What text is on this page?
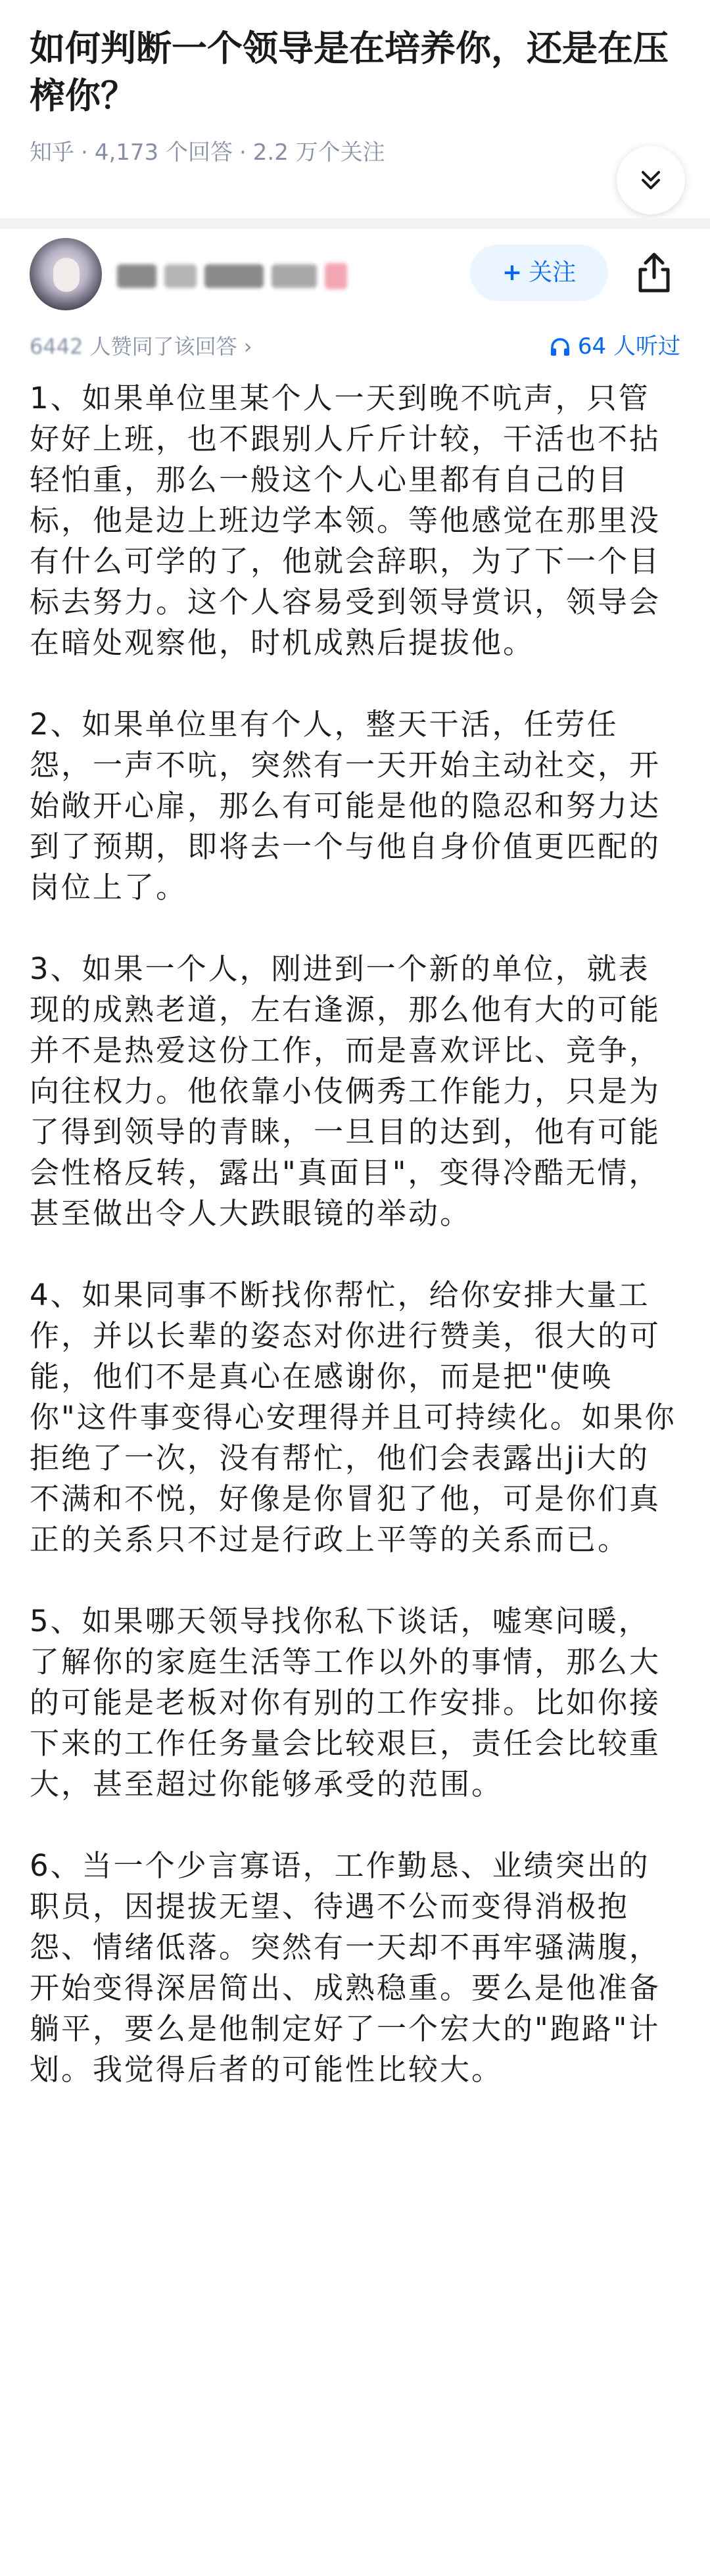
如何判断一个领导是在培养你，还是在压榨你？
知乎 · 4,173 个回答 · 2.2 万个关注
+ 关注
6442 人赞同了该回答 ›	64 人听过

1、如果单位里某个人一天到晚不吭声，只管好好上班，也不跟别人斤斤计较，干活也不拈轻怕重，那么一般这个人心里都有自己的目标，他是边上班边学本领。等他感觉在那里没有什么可学的了，他就会辞职，为了下一个目标去努力。这个人容易受到领导赏识，领导会在暗处观察他，时机成熟后提拔他。

2、如果单位里有个人，整天干活，任劳任怨，一声不吭，突然有一天开始主动社交，开始敞开心扉，那么有可能是他的隐忍和努力达到了预期，即将去一个与他自身价值更匹配的岗位上了。

3、如果一个人，刚进到一个新的单位，就表现的成熟老道，左右逢源，那么他有大的可能并不是热爱这份工作，而是喜欢评比、竞争，向往权力。他依靠小伎俩秀工作能力，只是为了得到领导的青睐，一旦目的达到，他有可能会性格反转，露出"真面目"，变得冷酷无情，甚至做出令人大跌眼镜的举动。

4、如果同事不断找你帮忙，给你安排大量工作，并以长辈的姿态对你进行赞美，很大的可能，他们不是真心在感谢你，而是把"使唤你"这件事变得心安理得并且可持续化。如果你拒绝了一次，没有帮忙，他们会表露出ji大的不满和不悦，好像是你冒犯了他，可是你们真正的关系只不过是行政上平等的关系而已。

5、如果哪天领导找你私下谈话，嘘寒问暖，了解你的家庭生活等工作以外的事情，那么大的可能是老板对你有别的工作安排。比如你接下来的工作任务量会比较艰巨，责任会比较重大，甚至超过你能够承受的范围。

6、当一个少言寡语，工作勤恳、业绩突出的职员，因提拔无望、待遇不公而变得消极抱怨、情绪低落。突然有一天却不再牢骚满腹，开始变得深居简出、成熟稳重。要么是他准备躺平，要么是他制定好了一个宏大的"跑路"计划。我觉得后者的可能性比较大。
